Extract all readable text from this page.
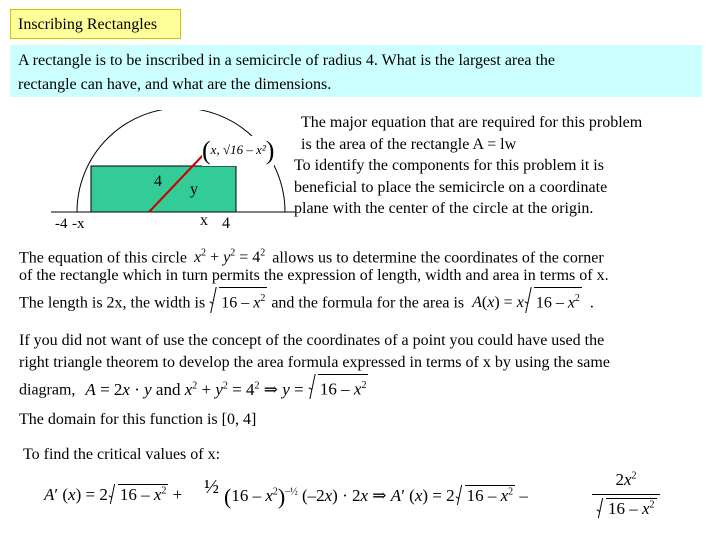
Inscribing Rectangles
A rectangle is to be inscribed in a semicircle of radius 4. What is the largest area the
rectangle can have, and what are the dimensions.
-4 -x
4 y
x 4
(x, √16 – x²)
The major equation that are required for this problem
is the area of the rectangle A = lw
To identify the components for this problem it is
beneficial to place the semicircle on a coordinate
plane with the center of the circle at the origin.
The equation of this circle $x^2 + y^2 = 4^2$ allows us to determine the coordinates of the corner
of the rectangle which in turn permits the expression of length, width and area in terms of x.
The length is 2x, the width is $16 - x^2$ and the formula for the area is A(x) = x $16 - x^2$ .
If you did not want of use the concept of the coordinates of a point you could have used the
right triangle theorem to develop the area formula expressed in terms of x by using the same
diagram, A = 2x · y and $x^2 + y^2 = 4^2$ ⇒ $y = 16 - x^2$
The domain for this function is [0, 4]
To find the critical values of x:
A′ (x) = 2 $16 - x^2$ + ½ $(16 - x^2)^{-\frac{1}{2}}$ (–2x) · 2x ⇒ A′ (x) = 2 $16 - x^2$ –
$2x^2$
$16 - x^2$
